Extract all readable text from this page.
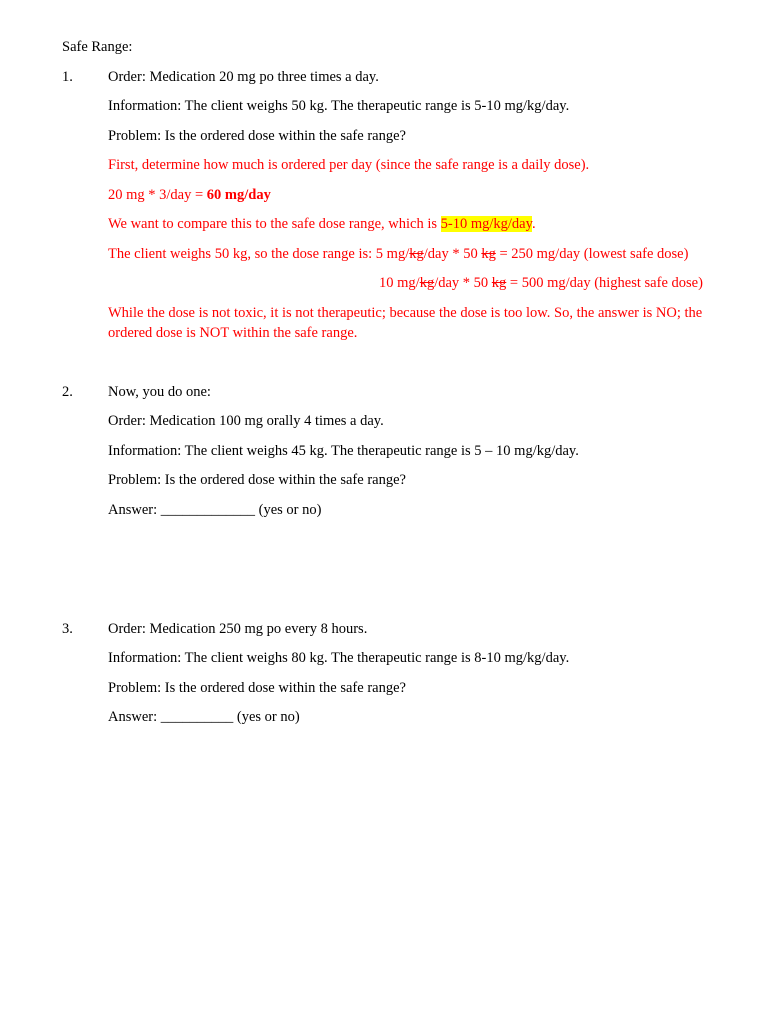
Safe Range:
1. Order: Medication 20 mg po three times a day.
Information: The client weighs 50 kg. The therapeutic range is 5-10 mg/kg/day.
Problem: Is the ordered dose within the safe range?
First, determine how much is ordered per day (since the safe range is a daily dose).
20 mg * 3/day = 60 mg/day
We want to compare this to the safe dose range, which is 5-10 mg/kg/day.
The client weighs 50 kg, so the dose range is: 5 mg/kg/day * 50 kg = 250 mg/day (lowest safe dose)
10 mg/kg/day * 50 kg = 500 mg/day (highest safe dose)
While the dose is not toxic, it is not therapeutic; because the dose is too low. So, the answer is NO; the
ordered dose is NOT within the safe range.
2. Now, you do one:
Order: Medication 100 mg orally 4 times a day.
Information: The client weighs 45 kg. The therapeutic range is 5 – 10 mg/kg/day.
Problem: Is the ordered dose within the safe range?
Answer: _____________ (yes or no)
3. Order: Medication 250 mg po every 8 hours.
Information: The client weighs 80 kg. The therapeutic range is 8-10 mg/kg/day.
Problem: Is the ordered dose within the safe range?
Answer: __________ (yes or no)
